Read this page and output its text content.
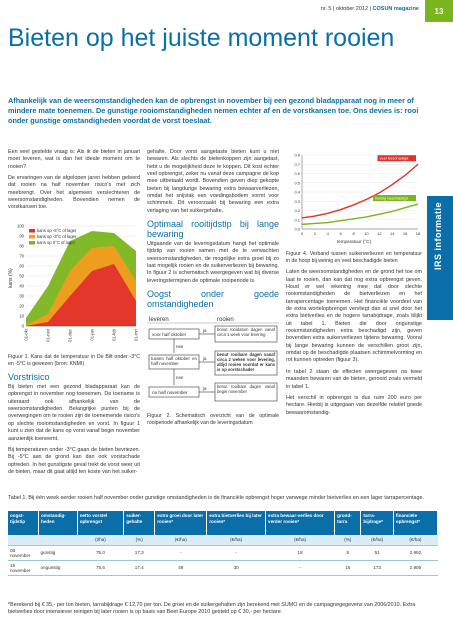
nr. 5 | oktober 2012 | COSUN magazine	13
Bieten op het juiste moment rooien
Afhankelijk van de weersomstandigheden kan de opbrengst in november bij een gezond bladapparaat nog in meer of mindere mate toenemen. De gunstige rooiomstandigheden nemen echter af en de vorstkansen toe. Ons devies is: rooi onder gunstige omstandigheden voordat de vorst toeslaat.

Een veel gestelde vraag is: Als ik de bieten in januari moet leveren, wat is dan het ideale moment om te rooien?

De ervaringen van de afgelopen jaren hebben geleerd dat rooien na half november risico's met zich meebrengt. Over het algemeen verslechteren de weersomstandigheden. Bovendien nemen de vorstkansen toe.

0
10
20
30
40
50
60
70
80
90
100
01-okt	01-nov	01-dec	01-jan	01-feb	01-mrt
kans op -5°C of lager
kans op -3°C of lager
kans op 0°C of lager
kans (%)
Figuur 1. Kans dat de temperatuur in De Bilt onder -3°C en -5°C is gewezen (bron: KNMI)
Vorstrisico

Bij bieten met een gezond bladapparaat kan de opbrengst in november nog toenemen. De toename is uiteraard ook afhankelijk van de weersomstandigheden. Belangrijke punten bij de overwegingen om te rooien zijn de toenemende risico's op slechte rooiomstandigheden en vorst. In figuur 1 kunt u zien dat de kans op vorst vanaf begin november aanzienlijk toeneemt.

Bij temperaturen onder -3°C gaan de bieten bevriezen. Bij -5°C aan de grond kan dan ook vorstschade optreden. In het gunstigste geval trekt de vorst weer uit de bieten, maar dit gaat altijd ten koste van het suiker-

gehalte. Door vorst aangetaste bieten kunt u niet bewaren. Als slechts de bietenkoppen zijn aangetast, hebt u de mogelijkheid deze te koppen. Dit kost echter veel opbrengst, zeker nu vanaf deze campagne de kop mee uitbetaald wordt. Bovendien geven diep gekopte bieten bij langdurige bewaring extra bewaarverliezen, omdat het snijvlak een voedingsbodem vormt voor schimmels. Dit veroorzaakt bij bewaring een extra verlaging van het suikergehalte.

Optimaal rooitijdstip bij lange bewaring

Uitgaande van de leveringsdatum hangt het optimale tijdstip van rooien samen met de te verwachten weersomstandigheden, de mogelijke extra groei bij zo laat mogelijk rooien en de suikerverliezen bij bewaring. In figuur 2 is schematisch weergegeven wat bij diverse leveringstermijnen de optimale rooiperiode is.

Oogst onder goede omstandigheden
leveren	rooien
voor half oktober
ja	bonut rooidatum dagen vanaf circa 1 week voor levering
nee
tussen half oktober en half november
ja
benut rooibare dagen vanaf circa 2 weken voor levering, altijd rooien voordat er kans is op vorstschade!
nee
na half november
ja	benut rooibare dagen vanaf begin november
Figuur 2. Schematisch overzicht van de optimale rooiperiode afhankelijk van de leveringsdatum
0.0
0.1
0.2
0.3
0.4
0.5
0.6
0.7
0.8
veel beschadigd
weinig beschadigd
0	2	4	6	8 10 12 14 16 18
temperatuur (°C)
Figuur 4. Verband tussen suikerverliezen en temperatuur in de hoop bij weinig en veel beschadigde bieten

Laten de weersomstandigheden en de grond het toe om laat te rooien, dan kan dat nog extra opbrengst geven. Houd er wel rekening mee dat door slechte rooiomstandigheden de bietverliezen en het tarrapercentage toenemen. Het financiële voordeel van de extra wortelopbrengst vervliegt dan al snel door het extra bietverlies en de hogere tarrabijdrage, zoals blijkt uit tabel 1. Bieten die door ongunstige rooiomstandigheden extra beschadigd zijn, geven bovendien extra suikerverliezen tijdens bewaring. Vooral bij lange bewaring kunnen de verschillen groot zijn, omdat op de beschadigde plaatsen schimmelvorming en rot kunnen optreden (figuur 3).

In tabel 2 staan de effecten weergegeven na twee maanden bewaren van de bieten, gerooid zoals vermeld in tabel 1.

Het verschil in opbrengst is dus ruim 200 euro per hectare. Hierbij is uitgegaan van dezelfde relatief goede bewaaromstandig-

IRS informatie
Tabel 1. Bij één week eerder rooien half november onder gunstige omstandigheden is de financiële opbrengst hoger vanwege minder bietverlies en een lager tarrapercentage.
oogst-tijdstip	omstandig-heden	netto vorstel opbrengst	suiker-gehalte	extra groei door later rooien*	extra bietverlies bij later rooien*	extra bewaar-verlies door verder rooien*	grond-tarra	tarra-bijdrage*	financiële opbrengst*
		(t/ha)	(%)	(€/ha)	(€/ha)	(€/ha)	(%)	(€/ha)	(€/ha)
08 november	gunstig	75,0	17,3	-	-	18	5	51	2.992
15 november	ongunstig	75,6	17,4	49	30	-	15	173	2.906
*Berekend bij € 35,- per ton bieten, tarrabijdrage € 12,70 per ton. De groei en de suikergehalten zijn berekend met SUMO en de campagnegegevens van 2006/2010. Extra bietverlies door intensiever reinigen bij later rooien is op basis van Beet Europe 2010 gesteld op € 30,- per hectare.
